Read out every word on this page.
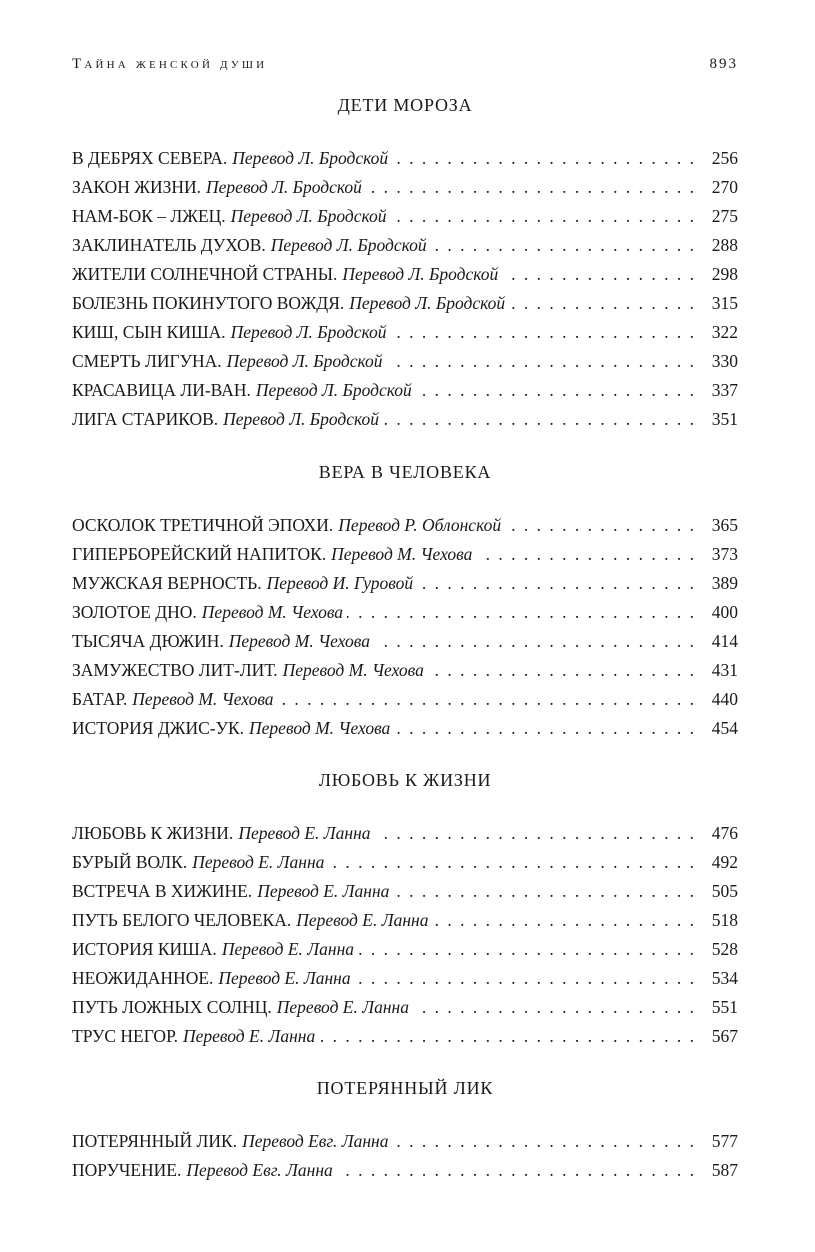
Тайна женской души	893
ДЕТИ МОРОЗА
В ДЕБРЯХ СЕВЕРА. Перевод Л. Бродской . . .	256
ЗАКОН ЖИЗНИ. Перевод Л. Бродской . . .	270
НАМ-БОК – ЛЖЕЦ. Перевод Л. Бродской . . .	275
ЗАКЛИНАТЕЛЬ ДУХОВ. Перевод Л. Бродской . . .	288
ЖИТЕЛИ СОЛНЕЧНОЙ СТРАНЫ. Перевод Л. Бродской . . .	298
БОЛЕЗНЬ ПОКИНУТОГО ВОЖДЯ. Перевод Л. Бродской . . .	315
КИШ, СЫН КИША. Перевод Л. Бродской . . .	322
СМЕРТЬ ЛИГУНА. Перевод Л. Бродской . . .	330
КРАСАВИЦА ЛИ-ВАН. Перевод Л. Бродской . . .	337
ЛИГА СТАРИКОВ. Перевод Л. Бродской . . .	351
ВЕРА В ЧЕЛОВЕКА
ОСКОЛОК ТРЕТИЧНОЙ ЭПОХИ. Перевод Р. Облонской . . .	365
ГИПЕРБОРЕЙСКИЙ НАПИТОК. Перевод М. Чехова . . .	373
МУЖСКАЯ ВЕРНОСТЬ. Перевод И. Гуровой . . .	389
ЗОЛОТОЕ ДНО. Перевод М. Чехова . . .	400
ТЫСЯЧА ДЮЖИН. Перевод М. Чехова . . .	414
ЗАМУЖЕСТВО ЛИТ-ЛИТ. Перевод М. Чехова . . .	431
БАТАР. Перевод М. Чехова . . .	440
ИСТОРИЯ ДЖИС-УК. Перевод М. Чехова . . .	454
ЛЮБОВЬ К ЖИЗНИ
ЛЮБОВЬ К ЖИЗНИ. Перевод Е. Ланна . . .	476
БУРЫЙ ВОЛК. Перевод Е. Ланна . . .	492
ВСТРЕЧА В ХИЖИНЕ. Перевод Е. Ланна . . .	505
ПУТЬ БЕЛОГО ЧЕЛОВЕКА. Перевод Е. Ланна . . .	518
ИСТОРИЯ КИША. Перевод Е. Ланна . . .	528
НЕОЖИДАННОЕ. Перевод Е. Ланна . . .	534
ПУТЬ ЛОЖНЫХ СОЛНЦ. Перевод Е. Ланна . . .	551
ТРУС НЕГОР. Перевод Е. Ланна . . .	567
ПОТЕРЯННЫЙ ЛИК
ПОТЕРЯННЫЙ ЛИК. Перевод Евг. Ланна . . .	577
ПОРУЧЕНИЕ. Перевод Евг. Ланна . . .	587
